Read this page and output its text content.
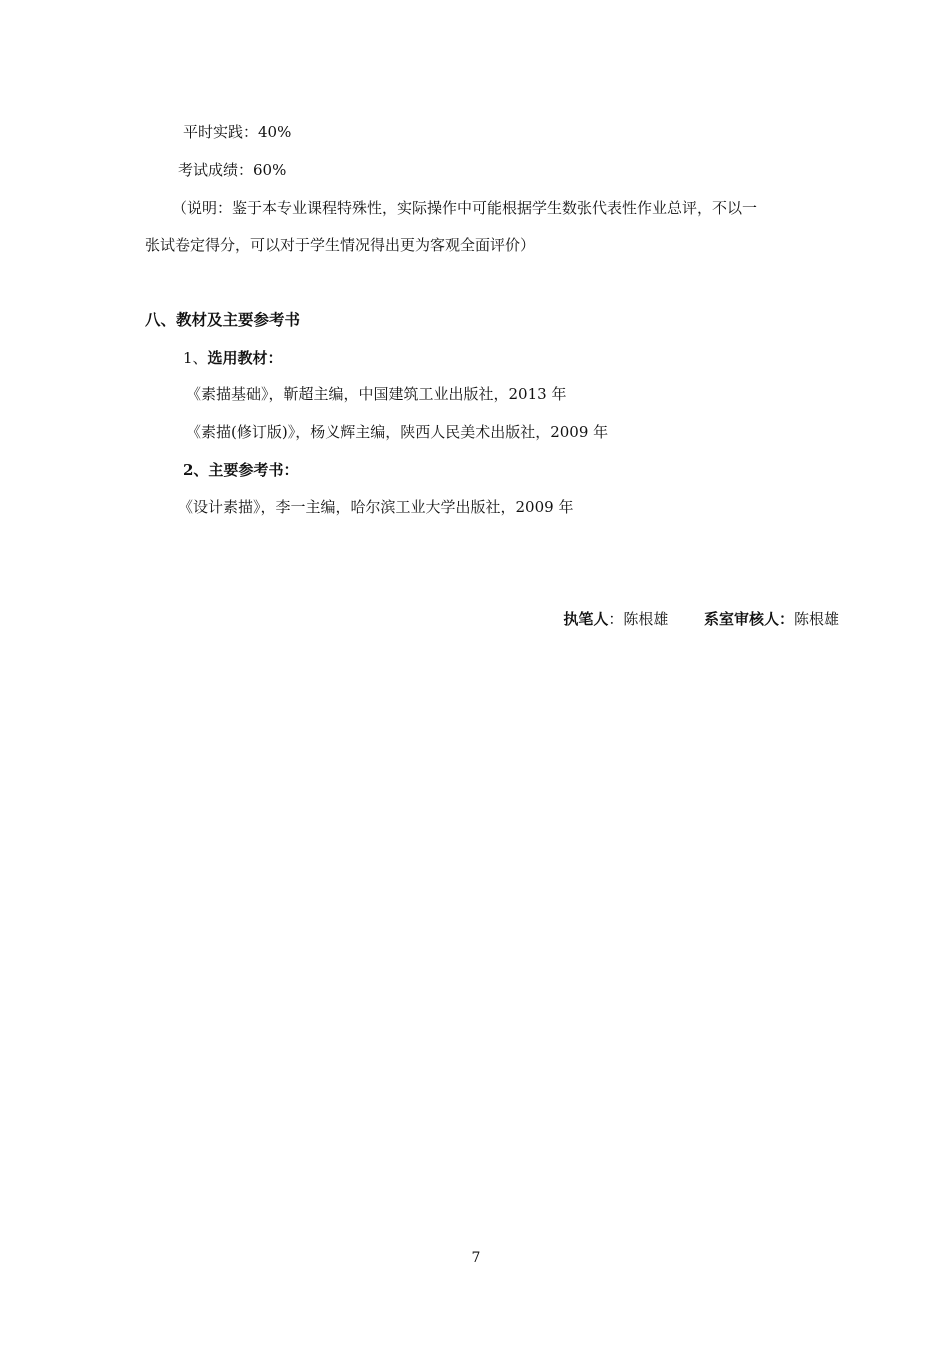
平时实践：40%
考试成绩：60%
（说明：鉴于本专业课程特殊性，实际操作中可能根据学生数张代表性作业总评，不以一
张试卷定得分，可以对于学生情况得出更为客观全面评价）
八、教材及主要参考书
1、选用教材：
《素描基础》，靳超主编，中国建筑工业出版社，2013 年
《素描(修订版)》，杨义辉主编，陕西人民美术出版社，2009 年
2、主要参考书：
《设计素描》，李一主编，哈尔滨工业大学出版社，2009 年
执笔人：陈根雄 系室审核人：陈根雄
7
